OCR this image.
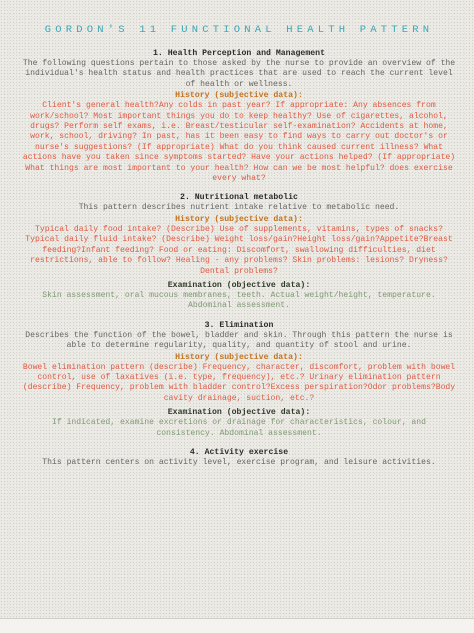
GORDON'S 11 FUNCTIONAL HEALTH PATTERN
1. Health Perception and Management

The following questions pertain to those asked by the nurse to provide an overview of the individual's health status and health practices that are used to reach the current level of health or wellness.

History (subjective data):

Client's general health?Any colds in past year? If appropriate: Any absences from work/school? Most important things you do to keep healthy? Use of cigarettes, alcohol, drugs? Perform self exams, i.e. Breast/testicular self-examination? Accidents at home, work, school, driving? In past, has it been easy to find ways to carry out doctor's or nurse's suggestions? (If appropriate) What do you think caused current illness? What actions have you taken since symptoms started? Have your actions helped? (If appropriate) What things are most important to your health? How can we be most helpful? does exercise every what?

2. Nutritional metabolic

This pattern describes nutrient intake relative to metabolic need.

History (subjective data):

Typical daily food intake? (Describe) Use of supplements, vitamins, types of snacks? Typical daily fluid intake? (Describe) Weight loss/gain?Height loss/gain?Appetite?Breast feeding?Infant feeding? Food or eating: Discomfort, swallowing difficulties, diet restrictions, able to follow? Healing - any problems? Skin problems: lesions? Dryness?Dental problems?

Examination (objective data):

Skin assessment, oral mucous membranes, teeth. Actual weight/height, temperature. Abdominal assessment.

3. Elimination

Describes the function of the bowel, bladder and skin. Through this pattern the nurse is able to determine regularity, quality, and quantity of stool and urine.

History (subjective data):

Bowel elimination pattern (describe) Frequency, character, discomfort, problem with bowel control, use of laxatives (i.e. type, frequency), etc.? Urinary elimination pattern (describe) Frequency, problem with bladder control?Excess perspiration?Odor problems?Body cavity drainage, suction, etc.?

Examination (objective data):

If indicated, examine excretions or drainage for characteristics, colour, and consistency. Abdominal assessment.

4. Activity exercise

This pattern centers on activity level, exercise program, and leisure activities.
